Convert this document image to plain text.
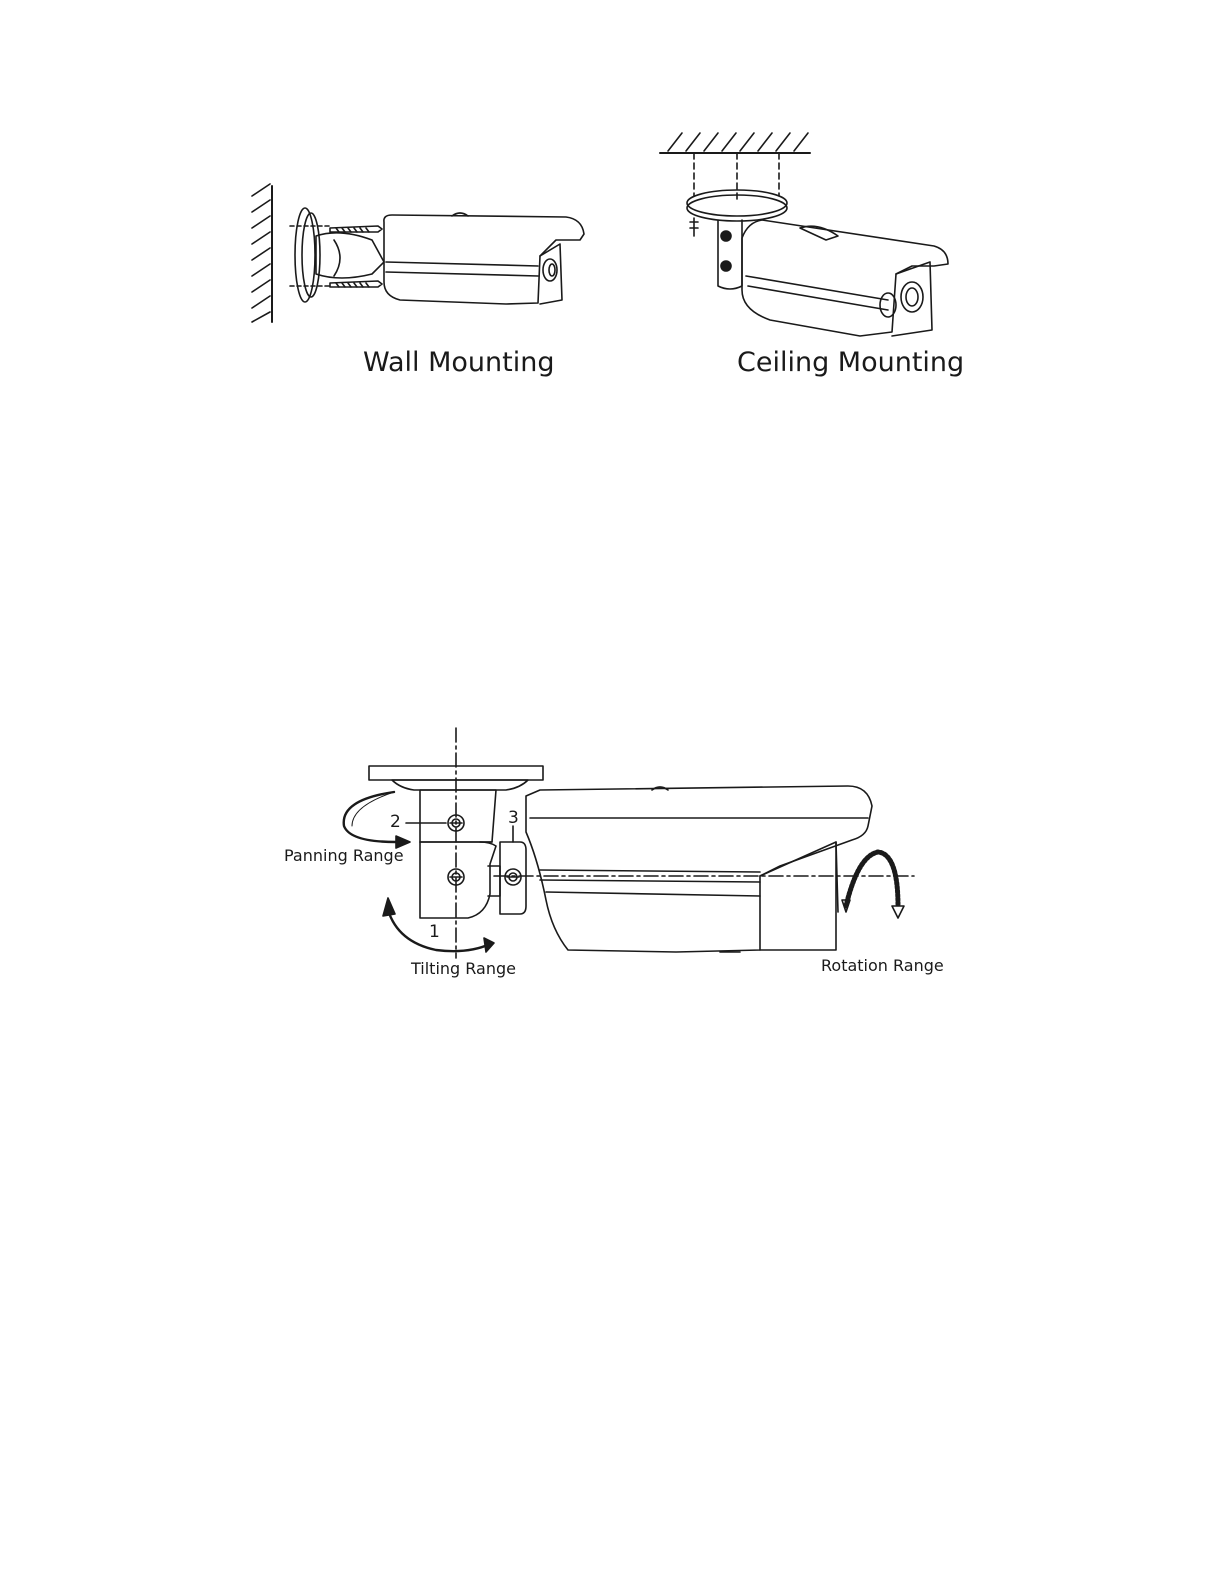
Wall Mounting	Ceiling Mounting
2	3
1
Panning Range
Tilting Range	Rotation Range
